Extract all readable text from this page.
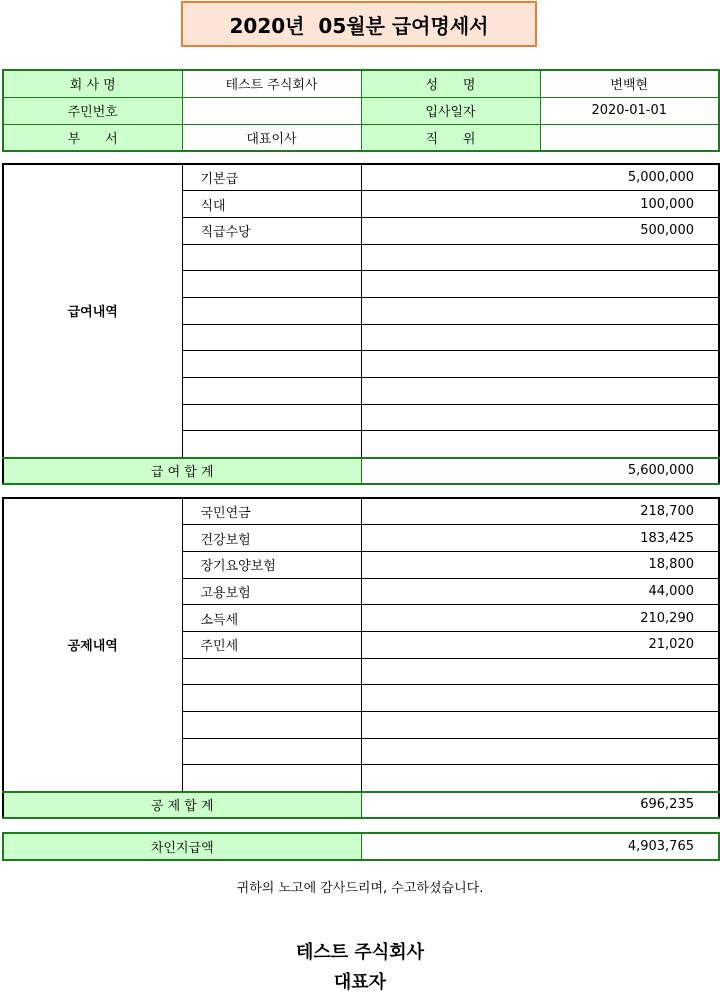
2020년  05월분 급여명세서
회 사 명	테스트 주식회사	성      명	변백현
주민번호		입사일자	2020-01-01
부      서	대표이사	직      위	
급여내역	기본급	5,000,000
	식대	100,000
	직급수당	500,000

급 여 합 계		5,600,000
공제내역	국민연금	218,700
	건강보험	183,425
	장기요양보험	18,800
	고용보험	44,000
	소득세	210,290
	주민세	21,020

공 제 합 계		696,235
차인지급액	4,903,765
귀하의 노고에 감사드리며, 수고하셨습니다.
테스트 주식회사
대표자
